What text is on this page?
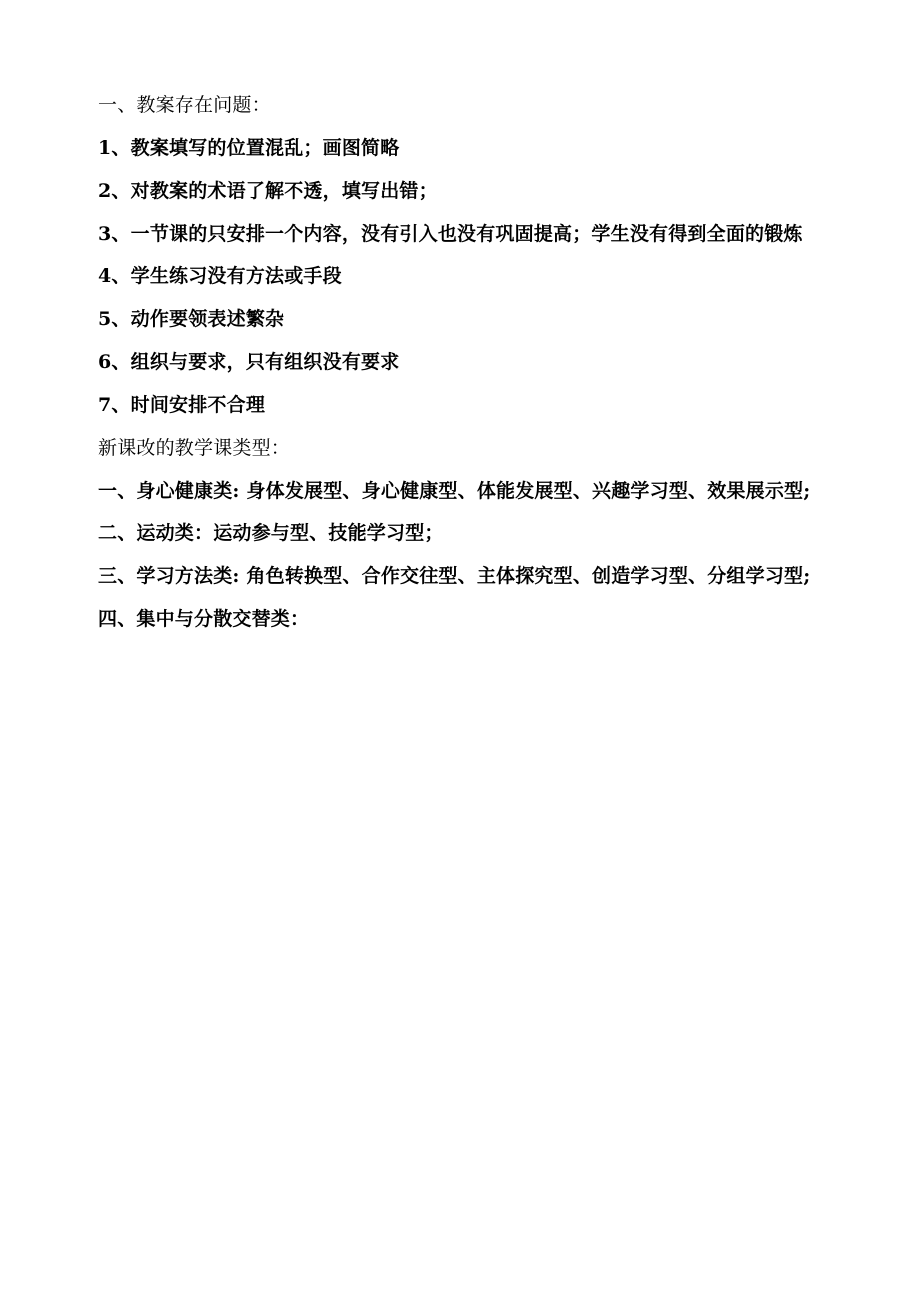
一、教案存在问题：
1、教案填写的位置混乱；画图简略
2、对教案的术语了解不透，填写出错；
3、一节课的只安排一个内容，没有引入也没有巩固提高；学生没有得到全面的锻炼
4、学生练习没有方法或手段
5、动作要领表述繁杂
6、组织与要求，只有组织没有要求
7、时间安排不合理
新课改的教学课类型：
一、身心健康类: 身体发展型、身心健康型、体能发展型、兴趣学习型、效果展示型;
二、运动类：运动参与型、技能学习型；
三、学习方法类: 角色转换型、合作交往型、主体探究型、创造学习型、分组学习型;
四、集中与分散交替类：
